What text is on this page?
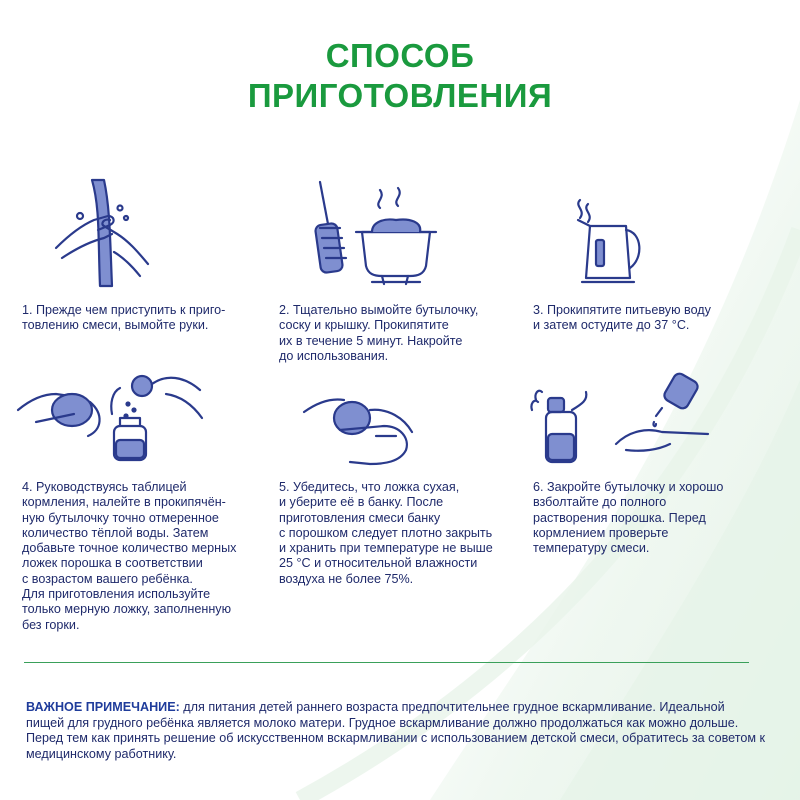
СПОСОБ
ПРИГОТОВЛЕНИЯ
1. Прежде чем приступить к приго-
товлению смеси, вымойте руки.
2. Тщательно вымойте бутылочку,
соску и крышку. Прокипятите
их в течение 5 минут. Накройте
до использования.
3. Прокипятите питьевую воду
и затем остудите до 37 °C.
4. Руководствуясь таблицей
кормления, налейте в прокипячён-
ную бутылочку точно отмеренное
количество тёплой воды. Затем
добавьте точное количество мерных
ложек порошка в соответствии
с возрастом вашего ребёнка.
Для приготовления используйте
только мерную ложку, заполненную
без горки.
5. Убедитесь, что ложка сухая,
и уберите её в банку. После
приготовления смеси банку
с порошком следует плотно закрыть
и хранить при температуре не выше
25 °C и относительной влажности
воздуха не более 75%.
6. Закройте бутылочку и хорошо
взболтайте до полного
растворения порошка. Перед
кормлением проверьте
температуру смеси.
ВАЖНОЕ ПРИМЕЧАНИЕ: для питания детей раннего возраста предпочтительнее грудное вскармливание. Идеальной пищей для грудного ребёнка является молоко матери. Грудное вскармливание должно продолжаться как можно дольше. Перед тем как принять решение об искусственном вскармливании с использованием детской смеси, обратитесь за советом к медицинскому работнику.
